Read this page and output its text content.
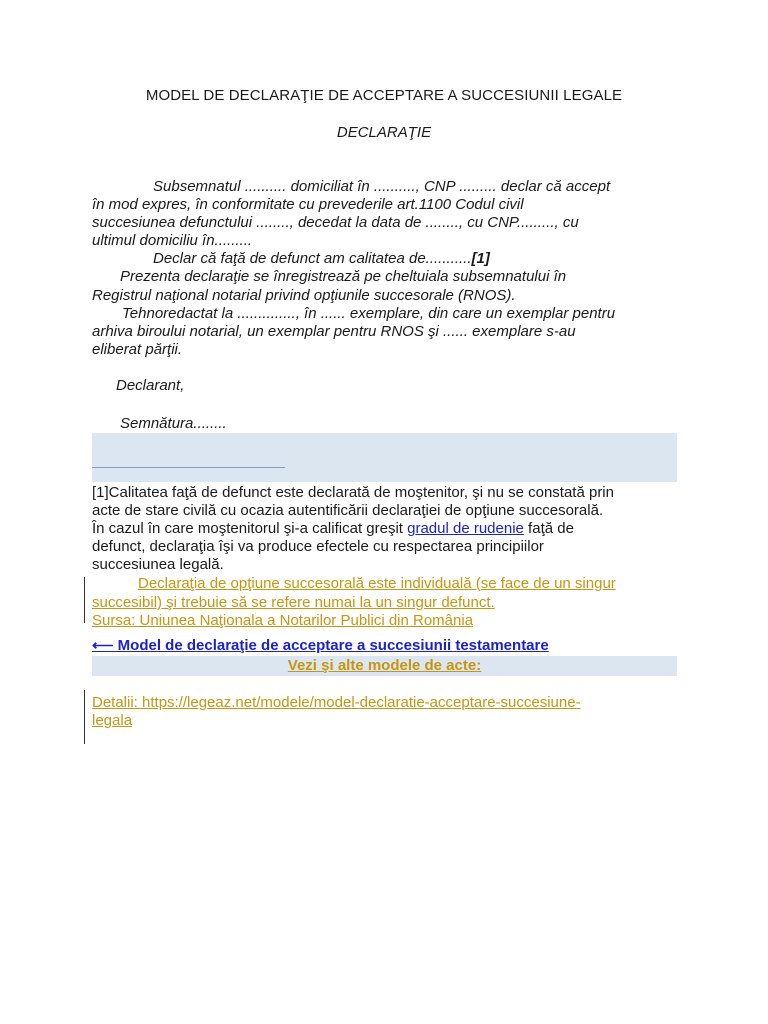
MODEL DE DECLARAŢIE DE ACCEPTARE A SUCCESIUNII LEGALE
DECLARAŢIE
Subsemnatul .......... domiciliat în .........., CNP ......... declar că accept
în mod expres, în conformitate cu prevederile art.1100 Codul civil
succesiunea defunctului ........, decedat la data de ........, cu CNP........., cu
ultimul domiciliu în.........
Declar că faţă de defunct am calitatea de...........[1]
Prezenta declaraţie se înregistrează pe cheltuiala subsemnatului în
Registrul naţional notarial privind opţiunile succesorale (RNOS).
Tehnoredactat la .............., în ...... exemplare, din care un exemplar pentru
arhiva biroului notarial, un exemplar pentru RNOS şi ...... exemplare s-au
eliberat părţii.
Declarant,
Semnătura........
[1]Calitatea faţă de defunct este declarată de moştenitor, şi nu se constată prin
acte de stare civilă cu ocazia autentificării declaraţiei de opţiune succesorală.
În cazul în care moştenitorul şi-a calificat greşit gradul de rudenie faţă de
defunct, declaraţia îşi va produce efectele cu respectarea principiilor
succesiunea legală.
Declaraţia de opţiune succesorală este individuală (se face de un singur
succesibil) şi trebuie să se refere numai la un singur defunct.
Sursa: Uniunea Naţionala a Notarilor Publici din România
⟵ Model de declaraţie de acceptare a succesiunii testamentare
Vezi şi alte modele de acte:
Detalii: https://legeaz.net/modele/model-declaratie-acceptare-succesiune-
legala
